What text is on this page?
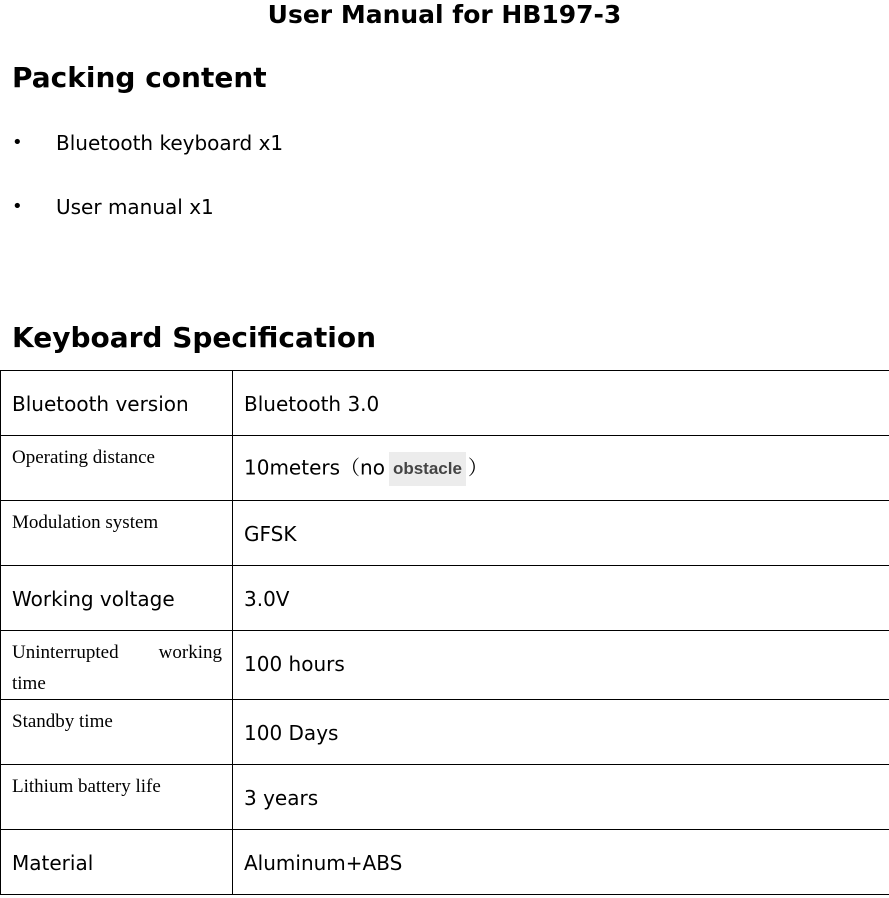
User Manual for HB197-3
Packing content
• Bluetooth keyboard x1
• User manual x1
Keyboard Specification
Bluetooth version	Bluetooth 3.0

Operating distance	10meters（no obstacle ）

Modulation system	GFSK

Working voltage	3.0V

Uninterrupted working time	100 hours

Standby time	100 Days

Lithium battery life	3 years

Material	Aluminum+ABS
